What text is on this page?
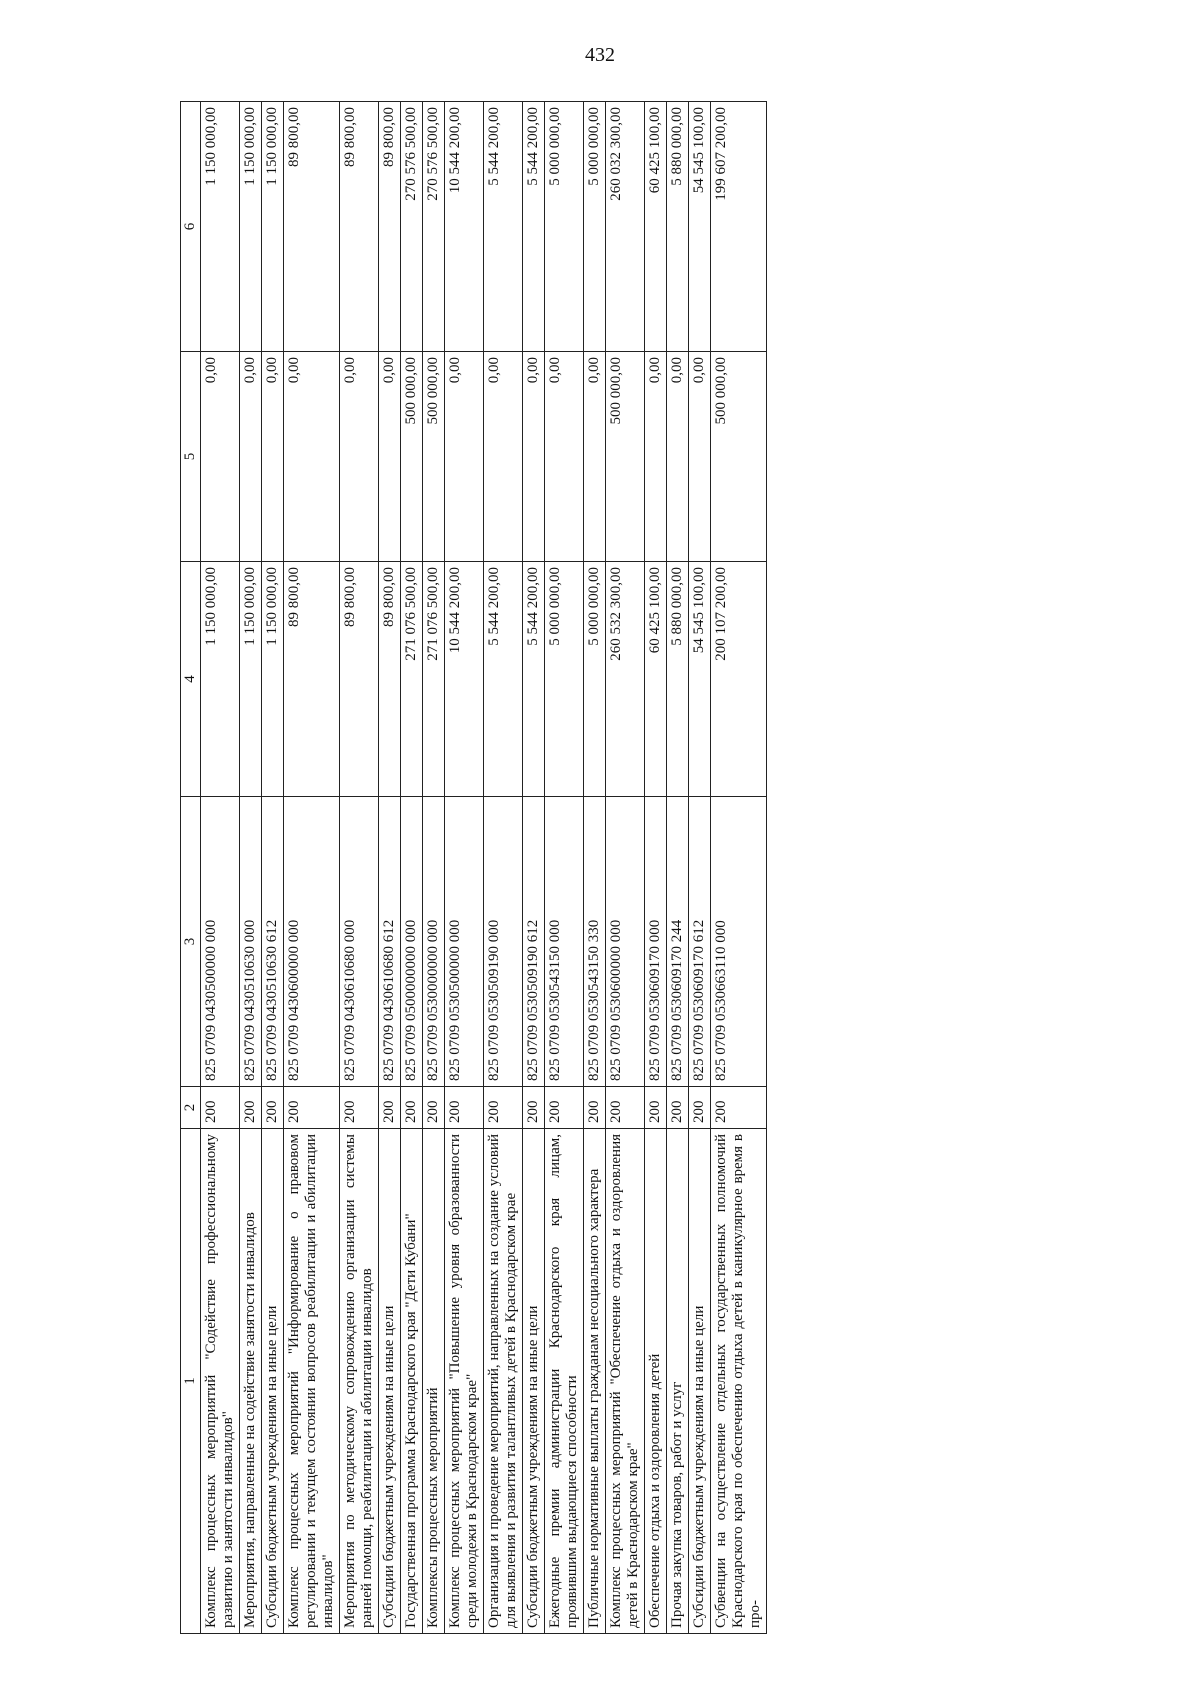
432
1	2	3	4	5	6
Комплекс процессных мероприятий "Содействие профессиональному развитию и занятости инвалидов"	200	825 0709 0430500000 000	1 150 000,00	0,00	1 150 000,00
Мероприятия, направленные на содействие занятости инвалидов	200	825 0709 0430510630 000	1 150 000,00	0,00	1 150 000,00
Субсидии бюджетным учреждениям на иные цели	200	825 0709 0430510630 612	1 150 000,00	0,00	1 150 000,00
Комплекс процессных мероприятий "Информирование о правовом регулировании и текущем состоянии вопросов реабилитации и абилитации инвалидов"	200	825 0709 0430600000 000	89 800,00	0,00	89 800,00
Мероприятия по методическому сопровождению организации системы ранней помощи, реабилитации и абилитации инвалидов	200	825 0709 0430610680 000	89 800,00	0,00	89 800,00
Субсидии бюджетным учреждениям на иные цели	200	825 0709 0430610680 612	89 800,00	0,00	89 800,00
Государственная программа Краснодарского края "Дети Кубани"	200	825 0709 0500000000 000	271 076 500,00	500 000,00	270 576 500,00
Комплексы процессных мероприятий	200	825 0709 0530000000 000	271 076 500,00	500 000,00	270 576 500,00
Комплекс процессных мероприятий "Повышение уровня образованности среди молодежи в Краснодарском крае"	200	825 0709 0530500000 000	10 544 200,00	0,00	10 544 200,00
Организация и проведение мероприятий, направленных на создание условий для выявления и развития талантливых детей в Краснодарском крае	200	825 0709 0530509190 000	5 544 200,00	0,00	5 544 200,00
Субсидии бюджетным учреждениям на иные цели	200	825 0709 0530509190 612	5 544 200,00	0,00	5 544 200,00
Ежегодные премии администрации Краснодарского края лицам, проявившим выдающиеся способности	200	825 0709 0530543150 000	5 000 000,00	0,00	5 000 000,00
Публичные нормативные выплаты гражданам несоциального характера	200	825 0709 0530543150 330	5 000 000,00	0,00	5 000 000,00
Комплекс процессных мероприятий "Обеспечение отдыха и оздоровления детей в Краснодарском крае"	200	825 0709 0530600000 000	260 532 300,00	500 000,00	260 032 300,00
Обеспечение отдыха и оздоровления детей	200	825 0709 0530609170 000	60 425 100,00	0,00	60 425 100,00
Прочая закупка товаров, работ и услуг	200	825 0709 0530609170 244	5 880 000,00	0,00	5 880 000,00
Субсидии бюджетным учреждениям на иные цели	200	825 0709 0530609170 612	54 545 100,00	0,00	54 545 100,00
Субвенции на осуществление отдельных государственных полномочий Краснодарского края по обеспечению отдыха детей в каникулярное время в про-	200	825 0709 0530663110 000	200 107 200,00	500 000,00	199 607 200,00
